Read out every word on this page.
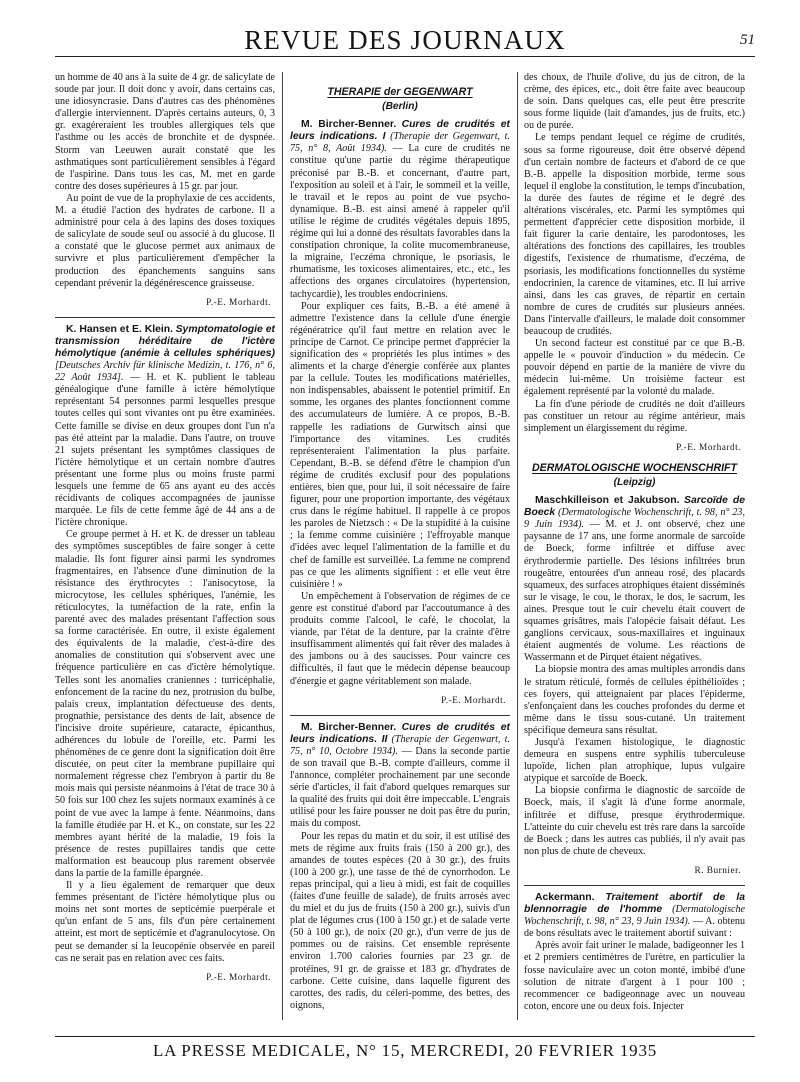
REVUE DES JOURNAUX	51

un homme de 40 ans à la suite de 4 gr. de salicylate de soude par jour. Il doit donc y avoir, dans certains cas, une idiosyncrasie. Dans d'autres cas des phénomènes d'allergie interviennent. D'après certains auteurs, 0, 3 gr. exagéreraient les troubles allergiques tels que l'asthme ou les accès de bronchite et de dyspnée. Storm van Leeuwen aurait constaté que les asthmatiques sont particulièrement sensibles à l'égard de l'aspirine. Dans tous les cas, M. met en garde contre des doses supérieures à 15 gr. par jour.

Au point de vue de la prophylaxie de ces accidents, M. a étudié l'action des hydrates de carbone. Il a administré pour cela à des lapins des doses toxiques de salicylate de soude seul ou associé à du glucose. Il a constaté que le glucose permet aux animaux de survivre et plus particulièrement d'empêcher la production des épanchements sanguins sans cependant prévenir la dégénérescence graisseuse.

P.-E. Morhardt.

K. Hansen et E. Klein. Symptomatologie et transmission héréditaire de l'ictère hémolytique (anémie à cellules sphériques) [Deutsches Archiv für klinische Medizin, t. 176, n° 6, 22 Août 1934]. — H. et K. publient le tableau généalogique d'une famille à ictère hémolytique représentant 54 personnes parmi lesquelles presque toutes celles qui sont vivantes ont pu être examinées. Cette famille se divise en deux groupes dont l'un n'a pas été atteint par la maladie. Dans l'autre, on trouve 21 sujets présentant les symptômes classiques de l'ictère hémolytique et un certain nombre d'autres présentant une forme plus ou moins fruste parmi lesquels une femme de 65 ans ayant eu des accès récidivants de coliques accompagnées de jaunisse marquée. Le fils de cette femme âgé de 44 ans a de l'ictère chronique.

Ce groupe permet à H. et K. de dresser un tableau des symptômes susceptibles de faire songer à cette maladie. Ils font figurer ainsi parmi les syndromes fragmentaires, en l'absence d'une diminution de la résistance des érythrocytes : l'anisocytose, la microcytose, les cellules sphériques, l'anémie, les réticulocytes, la tuméfaction de la rate, enfin la parenté avec des malades présentant l'affection sous sa forme caractérisée. En outre, il existe également des équivalents de la maladie, c'est-à-dire des anomalies de constitution qui s'observent avec une fréquence particulière en cas d'ictère hémolytique. Telles sont les anomalies craniennes : turricéphalie, enfoncement de la racine du nez, protrusion du bulbe, palais creux, implantation défectueuse des dents, prognathie, persistance des dents de lait, absence de l'incisive droite supérieure, cataracte, épicanthus, adhérences du lobule de l'oreille, etc. Parmi les phénomènes de ce genre dont la signification doit être discutée, on peut citer la membrane pupillaire qui normalement régresse chez l'embryon à partir du 8e mois mais qui persiste néanmoins à l'état de trace 30 à 50 fois sur 100 chez les sujets normaux examinés à ce point de vue avec la lampe à fente. Néanmoins, dans la famille étudiée par H. et K., on constate, sur les 22 membres ayant hérité de la maladie, 19 fois la présence de restes pupillaires tandis que cette malformation est beaucoup plus rarement observée dans la partie de la famille épargnée.

Il y a lieu également de remarquer que deux femmes présentant de l'ictère hémolytique plus ou moins net sont mortes de septicémie puerpérale et qu'un enfant de 5 ans, fils d'un père certainement atteint, est mort de septicémie et d'agranulocytose. On peut se demander si la leucopénie observée en pareil cas ne serait pas en relation avec ces faits.

P.-E. Morhardt.
THERAPIE der GEGENWART
(Berlin)

M. Bircher-Benner. Cures de crudités et leurs indications. I (Therapie der Gegenwart, t. 75, n° 8, Août 1934). — La cure de crudités ne constitue qu'une partie du régime thérapeutique préconisé par B.-B. et concernant, d'autre part, l'exposition au soleil et à l'air, le sommeil et la veille, le travail et le repos au point de vue psycho-dynamique. B.-B. est ainsi amené à rappeler qu'il utilise le régime de crudités végétales depuis 1895, régime qui lui a donné des résultats favorables dans la constipation chronique, la colite mucomembraneuse, la migraine, l'eczéma chronique, le psoriasis, le rhumatisme, les toxicoses alimentaires, etc., etc., les affections des organes circulatoires (hypertension, tachycardie), les troubles endocriniens.

Pour expliquer ces faits, B.-B. a été amené à admettre l'existence dans la cellule d'une énergie régénératrice qu'il faut mettre en relation avec le principe de Carnot. Ce principe permet d'apprécier la signification des « propriétés les plus intimes » des aliments et la charge d'énergie conférée aux plantes par la cellule. Toutes les modifications matérielles, non indispensables, abaissent le potentiel primitif. En somme, les organes des plantes fonctionnent comme des accumulateurs de lumière. A ce propos, B.-B. rappelle les radiations de Gurwitsch ainsi que l'importance des vitamines. Les crudités représenteraient l'alimentation la plus parfaite. Cependant, B.-B. se défend d'être le champion d'un régime de crudités exclusif pour des populations entières, bien que, pour lui, il soit nécessaire de faire figurer, pour une proportion importante, des végétaux crus dans le régime habituel. Il rappelle à ce propos les paroles de Nietzsch : « De la stupidité à la cuisine ; la femme comme cuisinière ; l'effroyable manque d'idées avec lequel l'alimentation de la famille et du chef de famille est surveillée. La femme ne comprend pas ce que les aliments signifient : et elle veut être cuisinière ! »

Un empêchement à l'observation de régimes de ce genre est constitué d'abord par l'accoutumance à des produits comme l'alcool, le café, le chocolat, la viande, par l'état de la denture, par la crainte d'être insuffisamment alimentés qui fait rêver des malades à des jambons ou à des saucisses. Pour vaincre ces difficultés, il faut que le médecin dépense beaucoup d'énergie et gagne véritablement son malade.

P.-E. Morhardt.

M. Bircher-Benner. Cures de crudités et leurs indications. II (Therapie der Gegenwart, t. 75, n° 10, Octobre 1934). — Dans la seconde partie de son travail que B.-B. compte d'ailleurs, comme il l'annonce, compléter prochainement par une seconde série d'articles, il fait d'abord quelques remarques sur la qualité des fruits qui doit être impeccable. L'engrais utilisé pour les faire pousser ne doit pas être du purin, mais du compost.

Pour les repas du matin et du soir, il est utilisé des mets de régime aux fruits frais (150 à 200 gr.), des amandes de toutes espèces (20 à 30 gr.), des fruits (100 à 200 gr.), une tasse de thé de cynorrhodon. Le repas principal, qui a lieu à midi, est fait de coquilles (faites d'une feuille de salade), de fruits arrosés avec du miel et du jus de fruits (150 à 200 gr.), suivis d'un plat de légumes crus (100 à 150 gr.) et de salade verte (50 à 100 gr.), de noix (20 gr.), d'un verre de jus de pommes ou de raisins. Cet ensemble représente environ 1.700 calories fournies par 23 gr. de protéines, 91 gr. de graisse et 183 gr. d'hydrates de carbone. Cette cuisine, dans laquelle figurent des carottes, des radis, du céleri-pomme, des bettes, des oignons,

des choux, de l'huile d'olive, du jus de citron, de la crème, des épices, etc., doit être faite avec beaucoup de soin. Dans quelques cas, elle peut être prescrite sous forme liquide (lait d'amandes, jus de fruits, etc.) ou de purée.

Le temps pendant lequel ce régime de crudités, sous sa forme rigoureuse, doit être observé dépend d'un certain nombre de facteurs et d'abord de ce que B.-B. appelle la disposition morbide, terme sous lequel il englobe la constitution, le temps d'incubation, la durée des fautes de régime et le degré des altérations viscérales, etc. Parmi les symptômes qui permettent d'apprécier cette disposition morbide, il fait figurer la carie dentaire, les parodontoses, les altérations des fonctions des capillaires, les troubles digestifs, l'existence de rhumatisme, d'eczéma, de psoriasis, les modifications fonctionnelles du système endocrinien, la carence de vitamines, etc. Il lui arrive ainsi, dans les cas graves, de répartir en certain nombre de cures de crudités sur plusieurs années. Dans l'intervalle d'ailleurs, le malade doit consommer beaucoup de crudités.

Un second facteur est constitué par ce que B.-B. appelle le « pouvoir d'induction » du médecin. Ce pouvoir dépend en partie de la manière de vivre du médecin lui-même. Un troisième facteur est également représenté par la volonté du malade.

La fin d'une période de crudités ne doit d'ailleurs pas constituer un retour au régime antérieur, mais simplement un élargissement du régime.

P.-E. Morhardt.
DERMATOLOGISCHE WOCHENSCHRIFT
(Leipzig)

Maschkilleison et Jakubson. Sarcoïde de Boeck (Dermatologische Wochenschrift, t. 98, n° 23, 9 Juin 1934). — M. et J. ont observé, chez une paysanne de 17 ans, une forme anormale de sarcoïde de Boeck, forme infiltrée et diffuse avec érythrodermie partielle. Des lésions infiltrées brun rougeâtre, entourées d'un anneau rosé, des placards squameux, des surfaces atrophiques étaient disséminés sur le visage, le cou, le thorax, le dos, le sacrum, les aines. Presque tout le cuir chevelu était couvert de squames grisâtres, mais l'alopécie faisait défaut. Les ganglions cervicaux, sous-maxillaires et inguinaux étaient augmentés de volume. Les réactions de Wassermann et de Pirquet étaient négatives.

La biopsie montra des amas multiples arrondis dans le stratum réticulé, formés de cellules épithélioïdes ; ces foyers, qui atteignaient par places l'épiderme, s'enfonçaient dans les couches profondes du derme et même dans le tissu sous-cutané. Un traitement spécifique demeura sans résultat.

Jusqu'à l'examen histologique, le diagnostic demeura en suspens entre syphilis tuberculeuse lupoïde, lichen plan atrophique, lupus vulgaire atypique et sarcoïde de Boeck.

La biopsie confirma le diagnostic de sarcoïde de Boeck, mais, il s'agit là d'une forme anormale, infiltrée et diffuse, presque érythrodermique. L'atteinte du cuir chevelu est très rare dans la sarcoïde de Boeck ; dans les autres cas publiés, il n'y avait pas non plus de chute de cheveux.

R. Burnier.

Ackermann. Traitement abortif de la blennorragie de l'homme (Dermatologische Wochenschrift, t. 98, n° 23, 9 Juin 1934). — A. obtenu de bons résultats avec le traitement abortif suivant :

Après avoir fait uriner le malade, badigeonner les 1 et 2 premiers centimètres de l'urètre, en particulier la fosse naviculaire avec un coton monté, imbibé d'une solution de nitrate d'argent à 1 pour 100 ; recommencer ce badigeonnage avec un nouveau coton, encore une ou deux fois. Injecter

LA PRESSE MEDICALE, N° 15, MERCREDI, 20 FEVRIER 1935
